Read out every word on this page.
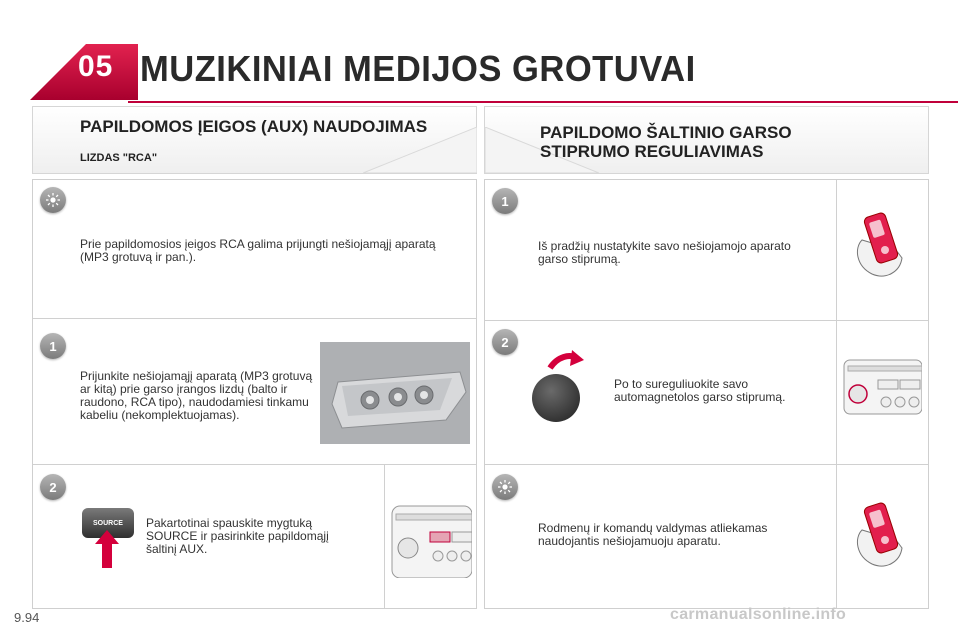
05 MUZIKINIAI MEDIJOS GROTUVAI
PAPILDOMOS ĮEIGOS (AUX) NAUDOJIMAS
LIZDAS "RCA"
Prie papildomosios įeigos RCA galima prijungti nešiojamąjį aparatą (MP3 grotuvą ir pan.).
1
Prijunkite nešiojamąjį aparatą (MP3 grotuvą ar kitą) prie garso įrangos lizdų (balto ir raudono, RCA tipo), naudodamiesi tinkamu kabeliu (nekomplektuojamas).
2
SOURCE Pakartotinai spauskite mygtuką SOURCE ir pasirinkite papildomąjį šaltinį AUX.
PAPILDOMO ŠALTINIO GARSO
STIPRUMO REGULIAVIMAS
1
Iš pradžių nustatykite savo nešiojamojo aparato garso stiprumą.
2
Po to sureguliuokite savo automagnetolos garso stiprumą.
Rodmenų ir komandų valdymas atliekamas naudojantis nešiojamuoju aparatu.
9.94	carmanualsonline.info
